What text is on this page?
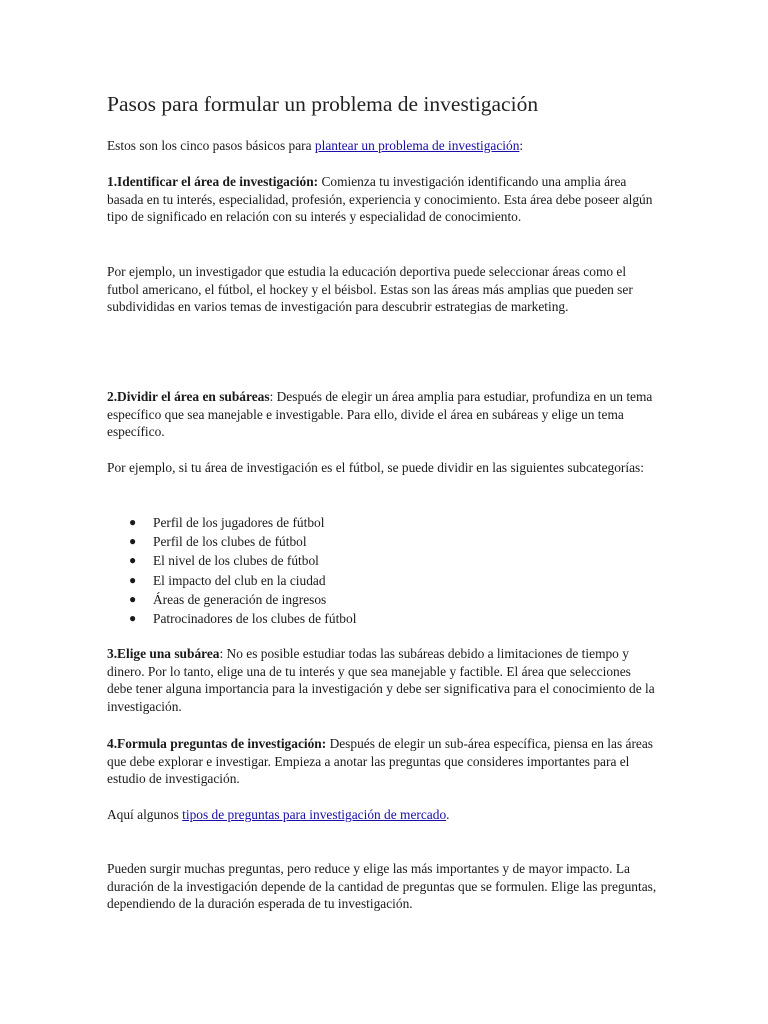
Pasos para formular un problema de investigación

Estos son los cinco pasos básicos para plantear un problema de investigación:

1.Identificar el área de investigación: Comienza tu investigación identificando una amplia área basada en tu interés, especialidad, profesión, experiencia y conocimiento. Esta área debe poseer algún tipo de significado en relación con su interés y especialidad de conocimiento.

Por ejemplo, un investigador que estudia la educación deportiva puede seleccionar áreas como el futbol americano, el fútbol, el hockey y el béisbol. Estas son las áreas más amplias que pueden ser subdivididas en varios temas de investigación para descubrir estrategias de marketing.

2.Dividir el área en subáreas: Después de elegir un área amplia para estudiar, profundiza en un tema específico que sea manejable e investigable. Para ello, divide el área en subáreas y elige un tema específico.

Por ejemplo, si tu área de investigación es el fútbol, se puede dividir en las siguientes subcategorías:

● Perfil de los jugadores de fútbol
● Perfil de los clubes de fútbol
● El nivel de los clubes de fútbol
● El impacto del club en la ciudad
● Áreas de generación de ingresos
● Patrocinadores de los clubes de fútbol

3.Elige una subárea: No es posible estudiar todas las subáreas debido a limitaciones de tiempo y dinero. Por lo tanto, elige una de tu interés y que sea manejable y factible. El área que selecciones debe tener alguna importancia para la investigación y debe ser significativa para el conocimiento de la investigación.

4.Formula preguntas de investigación: Después de elegir un sub-área específica, piensa en las áreas que debe explorar e investigar. Empieza a anotar las preguntas que consideres importantes para el estudio de investigación.

Aquí algunos tipos de preguntas para investigación de mercado.

Pueden surgir muchas preguntas, pero reduce y elige las más importantes y de mayor impacto. La duración de la investigación depende de la cantidad de preguntas que se formulen. Elige las preguntas, dependiendo de la duración esperada de tu investigación.
